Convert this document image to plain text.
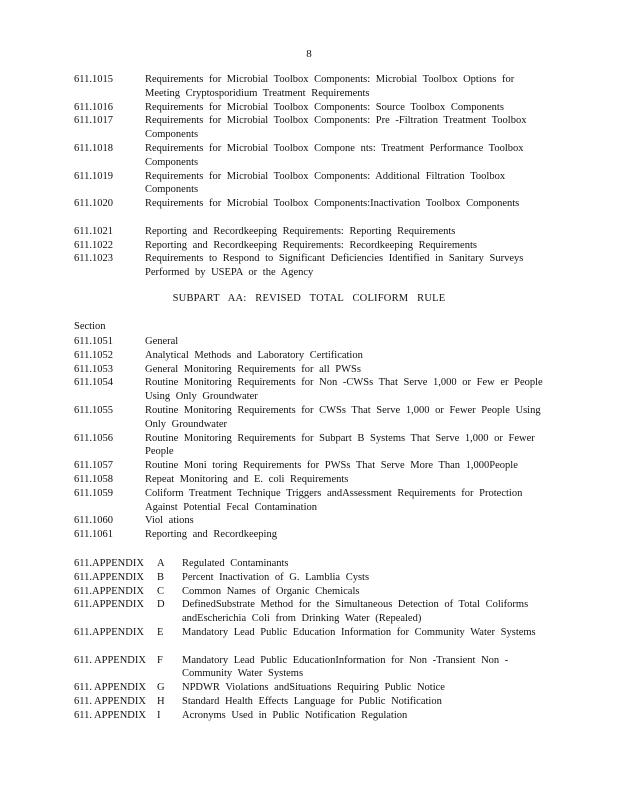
8
611.1015	Requirements for Microbial Toolbox Components: Microbial Toolbox Options for Meeting Cryptosporidium Treatment Requirements
611.1016	Requirements for Microbial Toolbox Components: Source Toolbox Components
611.1017	Requirements for Microbial Toolbox Components: Pre -Filtration Treatment Toolbox Components
611.1018	Requirements for Microbial Toolbox Compone nts: Treatment Performance Toolbox Components
611.1019	Requirements for Microbial Toolbox Components: Additional Filtration Toolbox Components
611.1020	Requirements for Microbial Toolbox Components:Inactivation Toolbox Components
611.1021	Reporting and Recordkeeping Requirements: Reporting Requirements
611.1022	Reporting and Recordkeeping Requirements: Recordkeeping Requirements
611.1023	Requirements to Respond to Significant Deficiencies Identified in Sanitary Surveys Performed by USEPA or the Agency
SUBPART AA: REVISED TOTAL COLIFORM RULE
Section
611.1051	General
611.1052	Analytical Methods and Laboratory Certification
611.1053	General Monitoring Requirements for all PWSs
611.1054	Routine Monitoring Requirements for Non -CWSs That Serve 1,000 or Few er People Using Only Groundwater
611.1055	Routine Monitoring Requirements for CWSs That Serve 1,000 or Fewer People Using Only Groundwater
611.1056	Routine Monitoring Requirements for Subpart B Systems That Serve 1,000 or Fewer People
611.1057	Routine Moni toring Requirements for PWSs That Serve More Than 1,000People
611.1058	Repeat Monitoring and E. coli Requirements
611.1059	Coliform Treatment Technique Triggers andAssessment Requirements for Protection Against Potential Fecal Contamination
611.1060	Viol ations
611.1061	Reporting and Recordkeeping
611.APPENDIX	A	Regulated Contaminants
611.APPENDIX	B	Percent Inactivation of G. Lamblia Cysts
611.APPENDIX	C	Common Names of Organic Chemicals
611.APPENDIX	D	DefinedSubstrate Method for the Simultaneous Detection of Total Coliforms andEscherichia Coli from Drinking Water (Repealed)
611.APPENDIX	E	Mandatory Lead Public Education Information for Community Water Systems
611. APPENDIX	F	Mandatory Lead Public EducationInformation for Non -Transient Non -Community Water Systems
611. APPENDIX	G	NPDWR Violations andSituations Requiring Public Notice
611. APPENDIX	H	Standard Health Effects Language for Public Notification
611. APPENDIX	I	Acronyms Used in Public Notification Regulation
